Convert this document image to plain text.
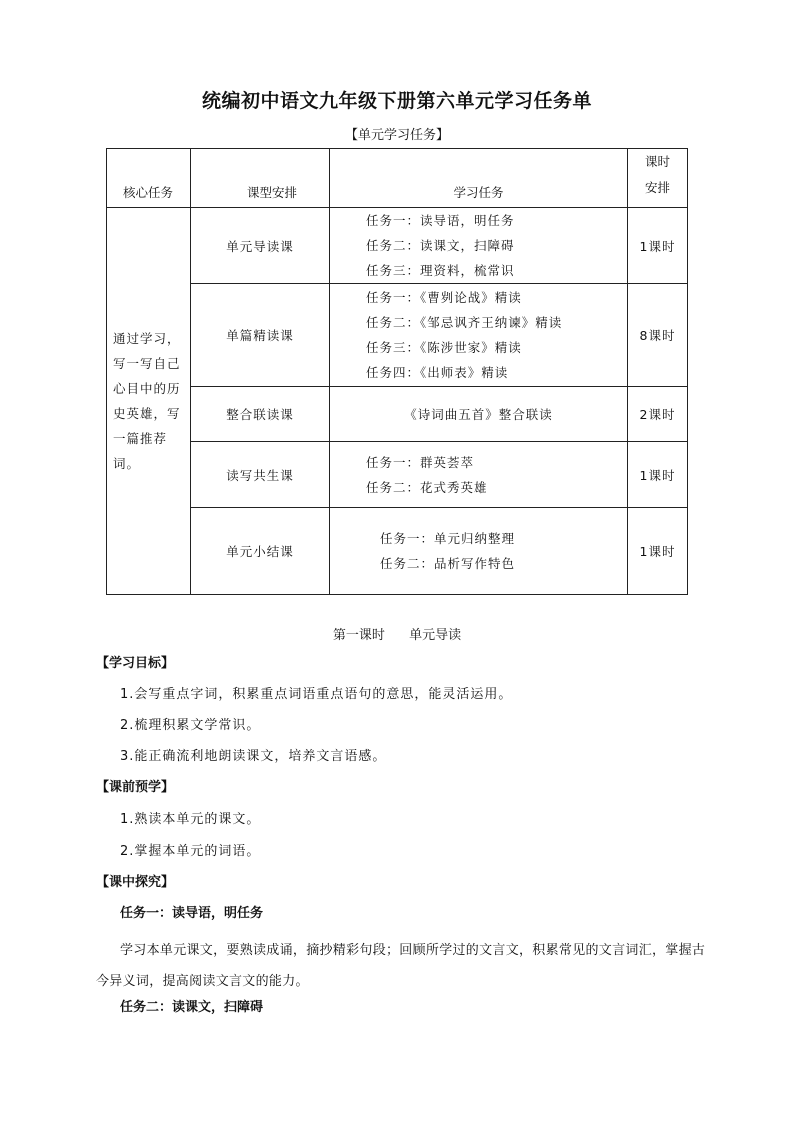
统编初中语文九年级下册第六单元学习任务单
【单元学习任务】
核心任务	课型安排	学习任务	课时
安排

通过学习，写一写自己心目中的历史英雄，写一篇推荐词。	单元导读课	任务一：读导语，明任务
任务二：读课文，扫障碍
任务三：理资料，梳常识	1课时
	单篇精读课	任务一：《曹刿论战》精读
任务二：《邹忌讽齐王纳谏》精读
任务三：《陈涉世家》精读
任务四：《出师表》精读	8课时
	整合联读课	《诗词曲五首》整合联读	2课时
	读写共生课	任务一：群英荟萃
任务二：花式秀英雄	1课时
	单元小结课	任务一：单元归纳整理
任务二：品析写作特色	1课时
第一课时 单元导读
【学习目标】
1.会写重点字词，积累重点词语重点语句的意思，能灵活运用。
2.梳理积累文学常识。
3.能正确流利地朗读课文，培养文言语感。
【课前预学】
1.熟读本单元的课文。
2.掌握本单元的词语。
【课中探究】
任务一：读导语，明任务
学习本单元课文，要熟读成诵，摘抄精彩句段；回顾所学过的文言文，积累常见的文言词汇，掌握古今异义词，提高阅读文言文的能力。
任务二：读课文，扫障碍
